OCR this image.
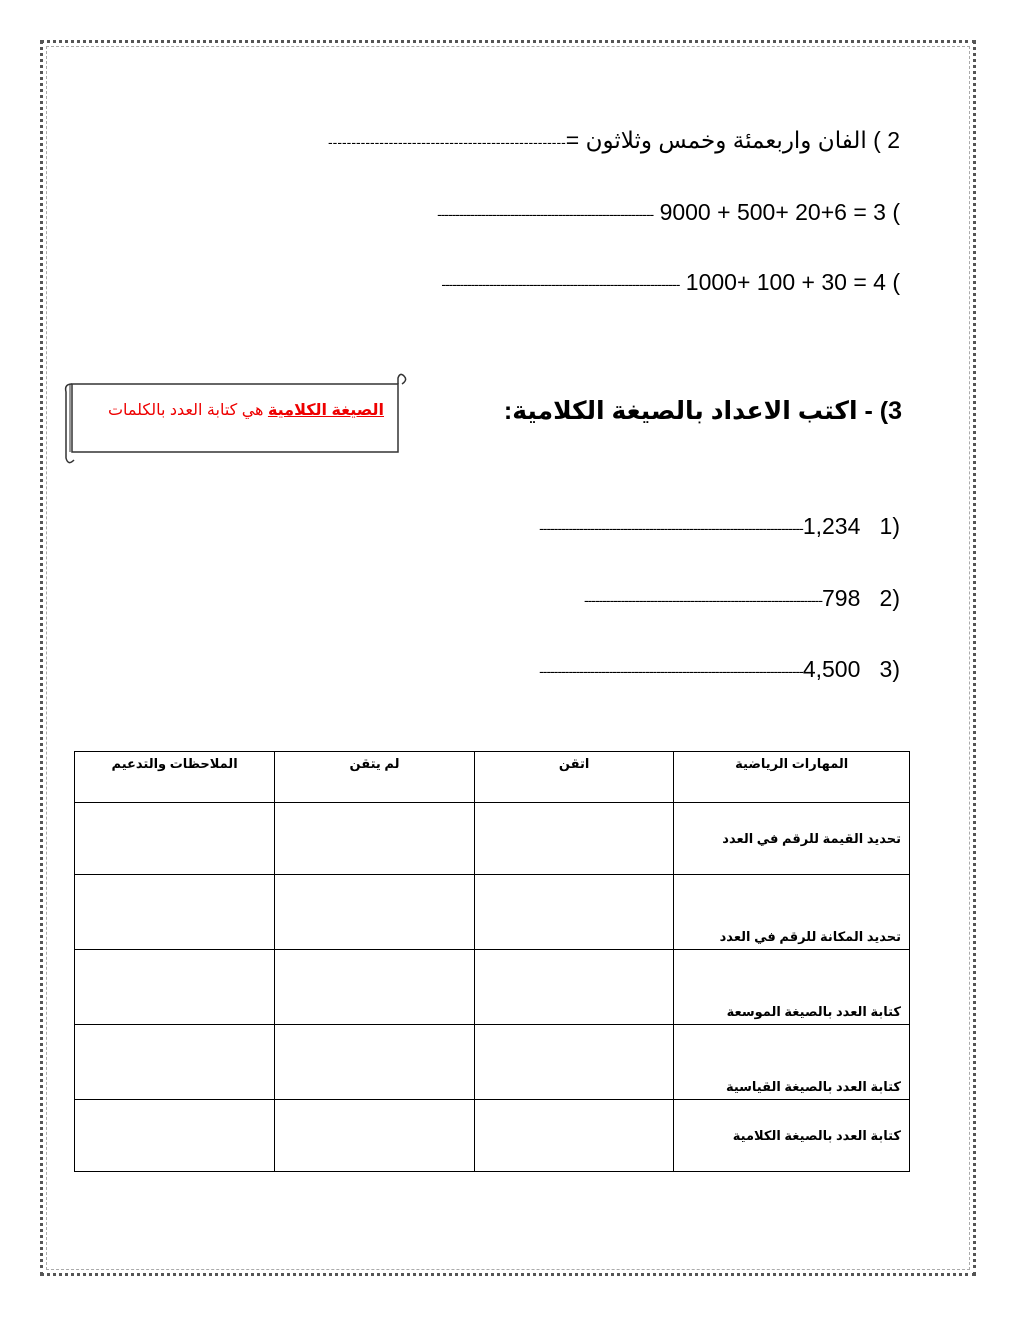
2 ) الفان واربعمئة وخمس وثلاثون =---------------------------------------------------
----------------------------------------------------------- 9000 + 500+ 20+6 = 3 (
----------------------------------------------------------------- 1000+ 100 + 30 = 4 (
الصيغة الكلامية هي كتابة العدد بالكلمات	3) - اكتب الاعداد بالصيغة الكلامية:
------------------------------------------------------------------------1,234 1)
-----------------------------------------------------------------798 2)
------------------------------------------------------------------------4,500 3)
المهارات الرياضية	اتقن	لم يتقن	الملاحظات والتدعيم
تحديد القيمة للرقم في العدد			
تحديد المكانة للرقم في العدد			
كتابة العدد بالصيغة الموسعة			
كتابة العدد بالصيغة القياسية			
كتابة العدد بالصيغة الكلامية			
